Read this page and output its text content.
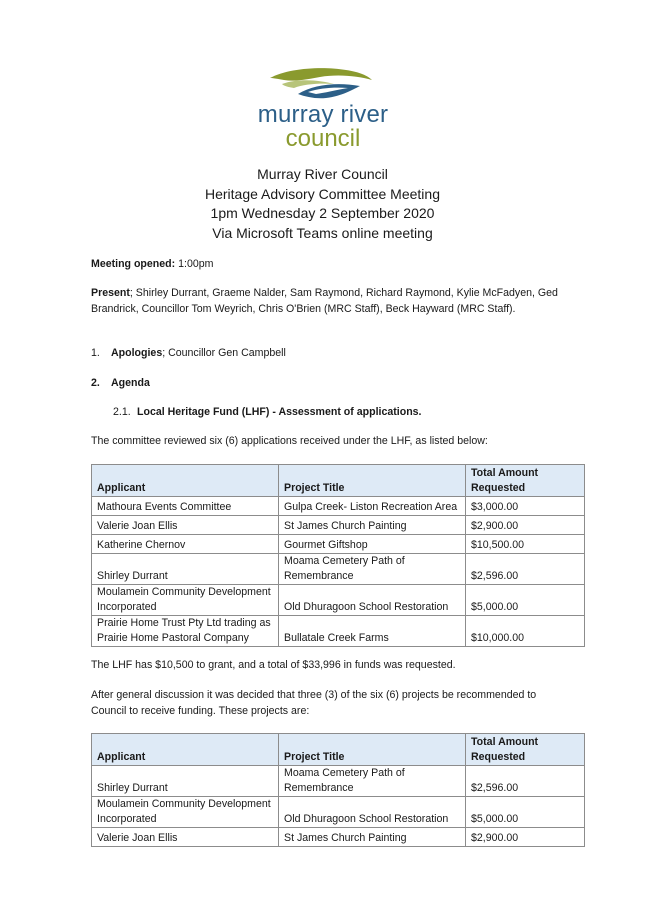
murray river
council
Murray River Council
Heritage Advisory Committee Meeting
1pm Wednesday 2 September 2020
Via Microsoft Teams online meeting
Meeting opened: 1:00pm
Present; Shirley Durrant, Graeme Nalder, Sam Raymond, Richard Raymond, Kylie McFadyen, Ged Brandrick, Councillor Tom Weyrich, Chris O'Brien (MRC Staff), Beck Hayward (MRC Staff).
1. Apologies; Councillor Gen Campbell
2. Agenda
2.1. Local Heritage Fund (LHF) - Assessment of applications.
The committee reviewed six (6) applications received under the LHF, as listed below:
Applicant	Project Title	Total Amount
Requested
Mathoura Events Committee	Gulpa Creek- Liston Recreation Area	$3,000.00
Valerie Joan Ellis	St James Church Painting	$2,900.00
Katherine Chernov	Gourmet Giftshop	$10,500.00
Shirley Durrant	Moama Cemetery Path of Remembrance	$2,596.00
Moulamein Community Development Incorporated	Old Dhuragoon School Restoration	$5,000.00
Prairie Home Trust Pty Ltd trading as Prairie Home Pastoral Company	Bullatale Creek Farms	$10,000.00
The LHF has $10,500 to grant, and a total of $33,996 in funds was requested.
After general discussion it was decided that three (3) of the six (6) projects be recommended to Council to receive funding. These projects are:
Applicant	Project Title	Total Amount
Requested
Shirley Durrant	Moama Cemetery Path of Remembrance	$2,596.00
Moulamein Community Development Incorporated	Old Dhuragoon School Restoration	$5,000.00
Valerie Joan Ellis	St James Church Painting	$2,900.00
